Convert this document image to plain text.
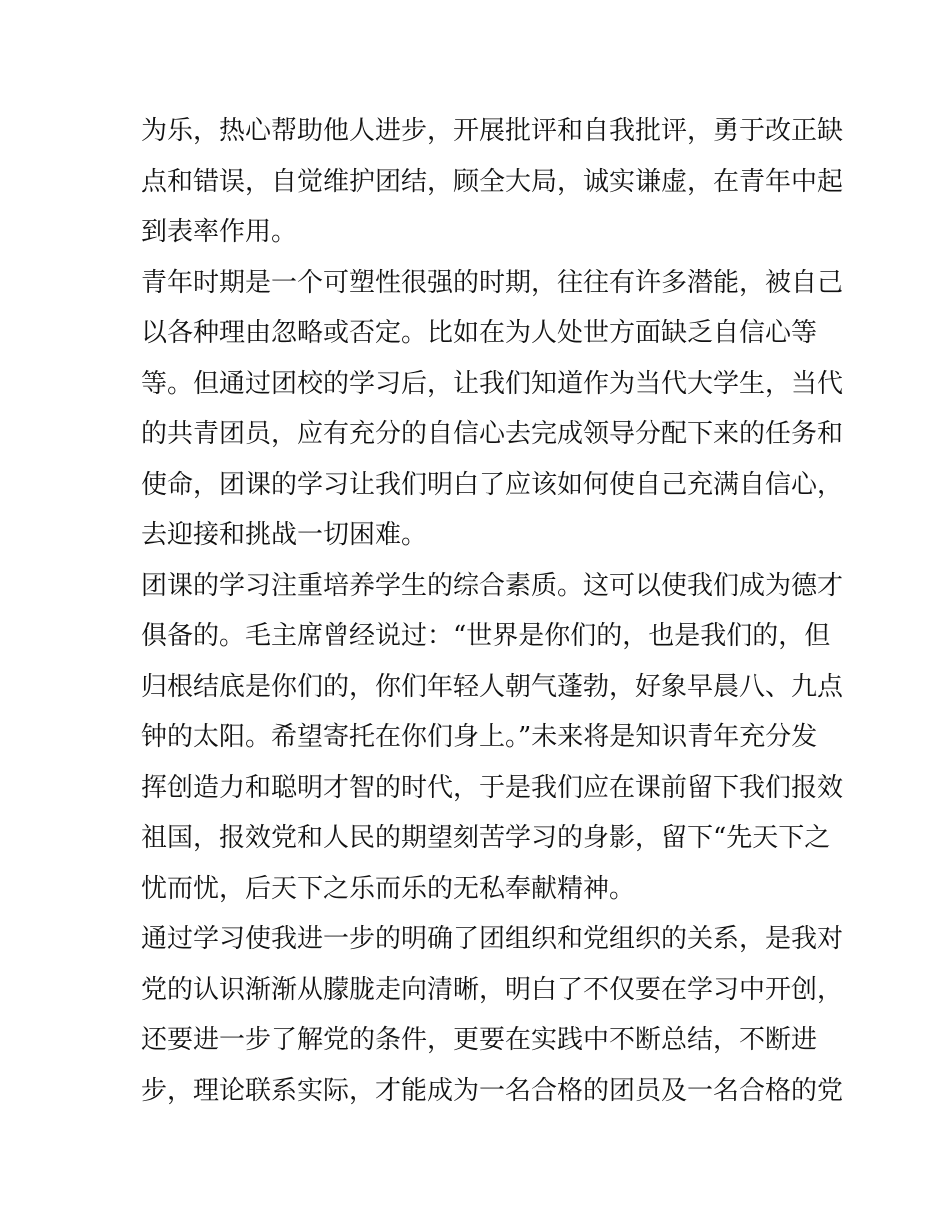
为乐，热心帮助他人进步，开展批评和自我批评，勇于改正缺
点和错误，自觉维护团结，顾全大局，诚实谦虚，在青年中起
到表率作用。
青年时期是一个可塑性很强的时期，往往有许多潜能，被自己
以各种理由忽略或否定。比如在为人处世方面缺乏自信心等
等。但通过团校的学习后，让我们知道作为当代大学生，当代
的共青团员，应有充分的自信心去完成领导分配下来的任务和
使命，团课的学习让我们明白了应该如何使自己充满自信心，
去迎接和挑战一切困难。
团课的学习注重培养学生的综合素质。这可以使我们成为德才
俱备的。毛主席曾经说过：“世界是你们的，也是我们的，但
归根结底是你们的，你们年轻人朝气蓬勃，好象早晨八、九点
钟的太阳。希望寄托在你们身上。”未来将是知识青年充分发
挥创造力和聪明才智的时代，于是我们应在课前留下我们报效
祖国，报效党和人民的期望刻苦学习的身影，留下“先天下之
忧而忧，后天下之乐而乐的无私奉献精神。
通过学习使我进一步的明确了团组织和党组织的关系，是我对
党的认识渐渐从朦胧走向清晰，明白了不仅要在学习中开创，
还要进一步了解党的条件，更要在实践中不断总结，不断进
步，理论联系实际，才能成为一名合格的团员及一名合格的党
